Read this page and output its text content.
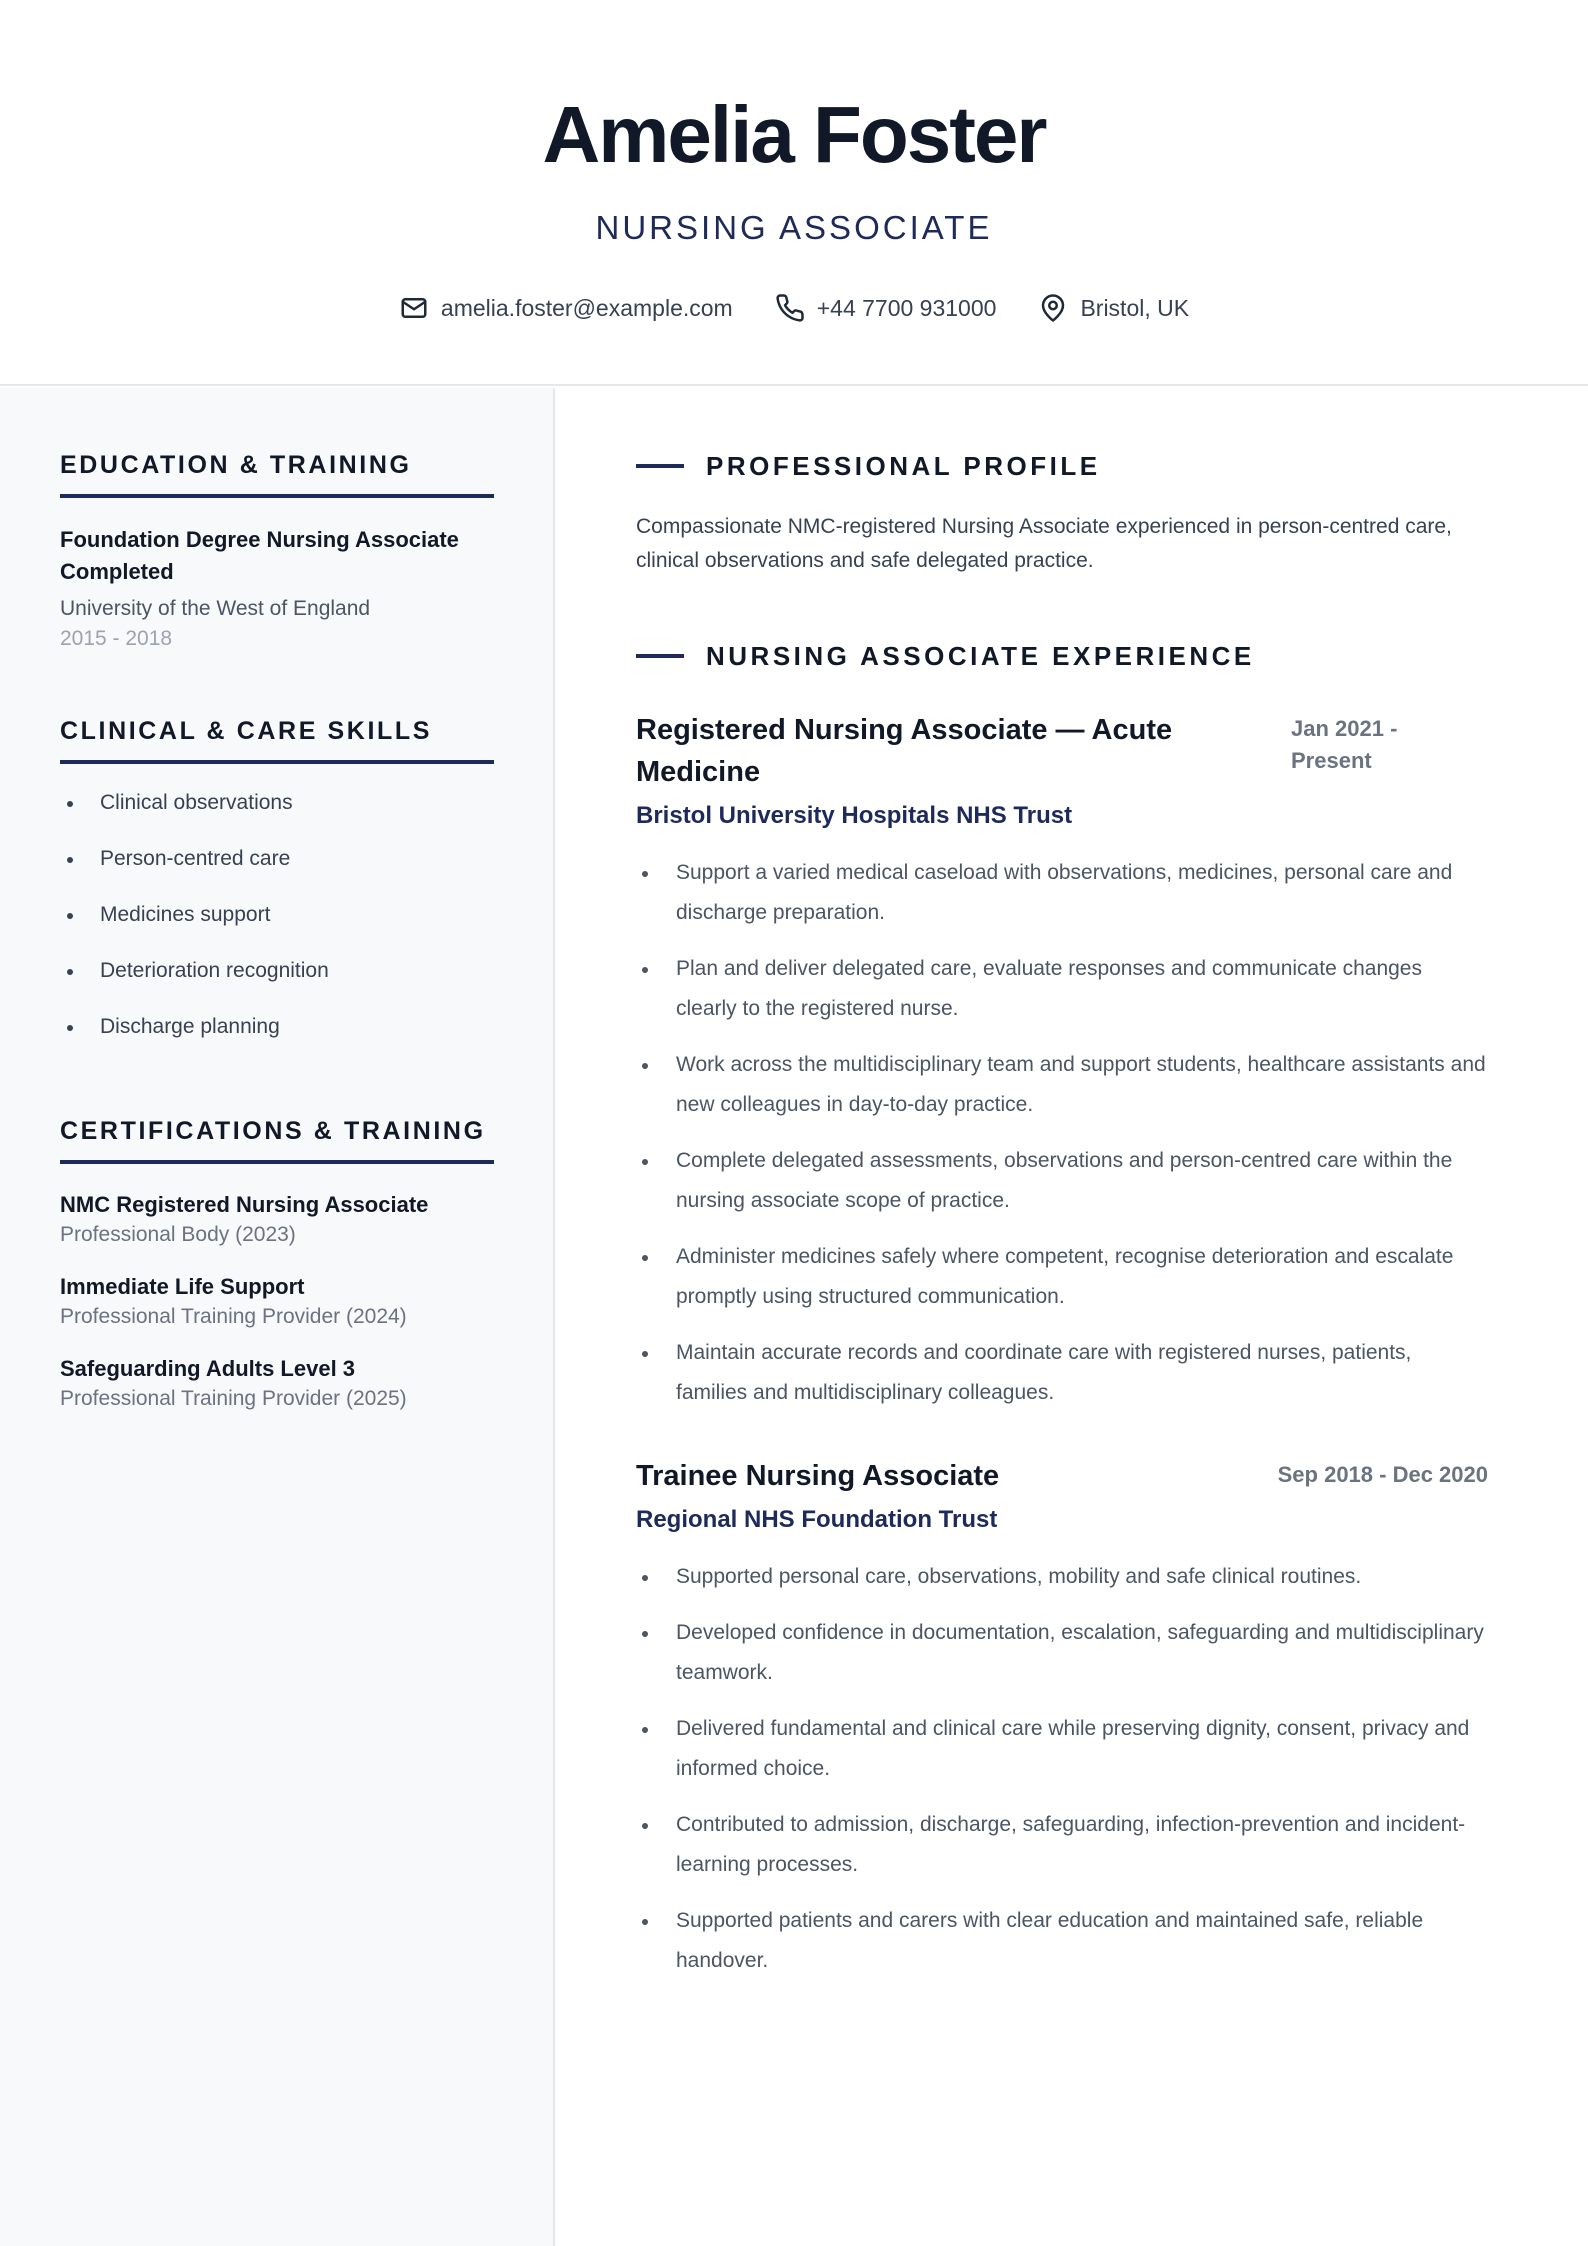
Amelia Foster
NURSING ASSOCIATE
amelia.foster@example.com	+44 7700 931000	Bristol, UK
EDUCATION & TRAINING
Foundation Degree Nursing Associate Completed
University of the West of England
2015 - 2018
CLINICAL & CARE SKILLS
Clinical observations
Person-centred care
Medicines support
Deterioration recognition
Discharge planning
CERTIFICATIONS & TRAINING
NMC Registered Nursing Associate
Professional Body (2023)
Immediate Life Support
Professional Training Provider (2024)
Safeguarding Adults Level 3
Professional Training Provider (2025)
PROFESSIONAL PROFILE
Compassionate NMC-registered Nursing Associate experienced in person-centred care, clinical observations and safe delegated practice.
NURSING ASSOCIATE EXPERIENCE
Registered Nursing Associate — Acute Medicine
Jan 2021 - Present
Bristol University Hospitals NHS Trust
Support a varied medical caseload with observations, medicines, personal care and discharge preparation.
Plan and deliver delegated care, evaluate responses and communicate changes clearly to the registered nurse.
Work across the multidisciplinary team and support students, healthcare assistants and new colleagues in day-to-day practice.
Complete delegated assessments, observations and person-centred care within the nursing associate scope of practice.
Administer medicines safely where competent, recognise deterioration and escalate promptly using structured communication.
Maintain accurate records and coordinate care with registered nurses, patients, families and multidisciplinary colleagues.
Trainee Nursing Associate	Sep 2018 - Dec 2020
Regional NHS Foundation Trust
Supported personal care, observations, mobility and safe clinical routines.
Developed confidence in documentation, escalation, safeguarding and multidisciplinary teamwork.
Delivered fundamental and clinical care while preserving dignity, consent, privacy and informed choice.
Contributed to admission, discharge, safeguarding, infection-prevention and incident-learning processes.
Supported patients and carers with clear education and maintained safe, reliable handover.
